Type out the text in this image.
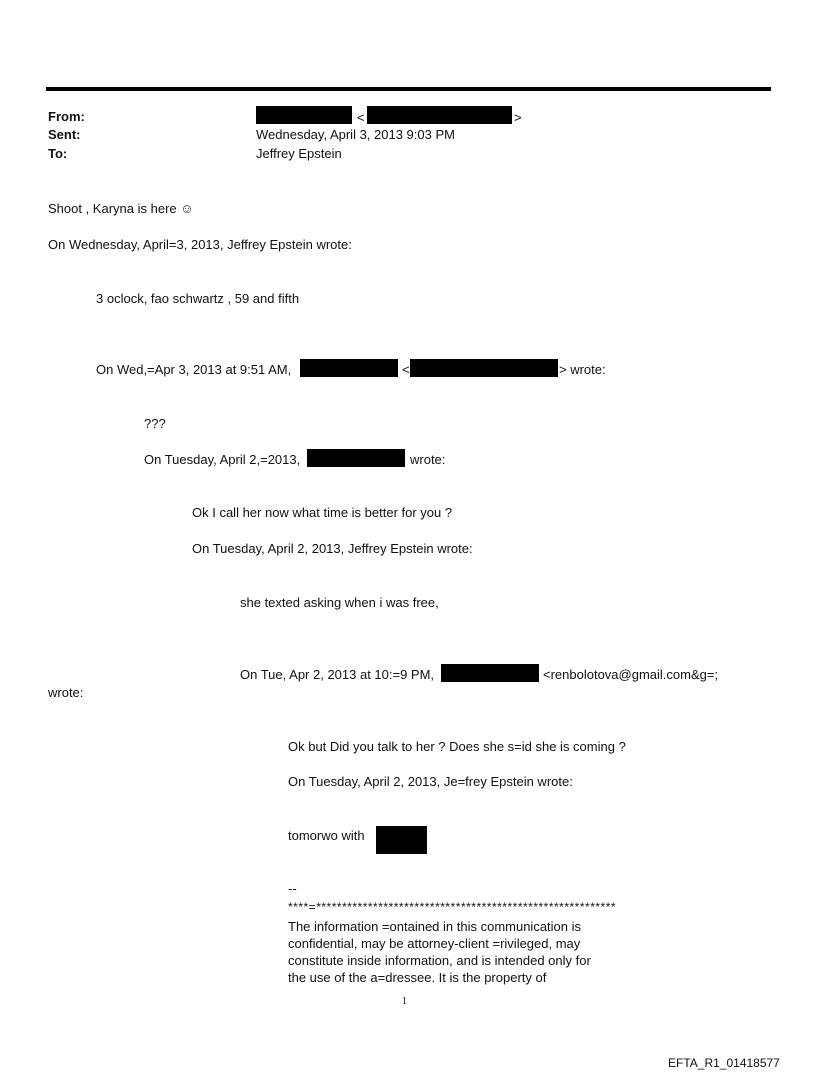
From:	<	>
Sent:	Wednesday, April 3, 2013 9:03 PM
To:	Jeffrey Epstein
Shoot , Karyna is here ☺
On Wednesday, April=3, 2013, Jeffrey Epstein wrote:
3 oclock, fao schwartz , 59 and fifth
On Wed,=Apr 3, 2013 at 9:51 AM,	<	> wrote:
???
On Tuesday, April 2,=2013,	wrote:
Ok I call her now what time is better for you ?
On Tuesday, April 2, 2013, Jeffrey Epstein wrote:
she texted asking when i was free,
On Tue, Apr 2, 2013 at 10:=9 PM,	<renbolotova@gmail.com&g=;
wrote:
Ok but Did you talk to her ? Does she s=id she is coming ?
On Tuesday, April 2, 2013, Je=frey Epstein wrote:
tomorwo with
--
****=**********************************************************
The information =ontained in this communication is
confidential, may be attorney-client =rivileged, may
constitute inside information, and is intended only for
the use of the a=dressee. It is the property of
1
EFTA_R1_01418577
